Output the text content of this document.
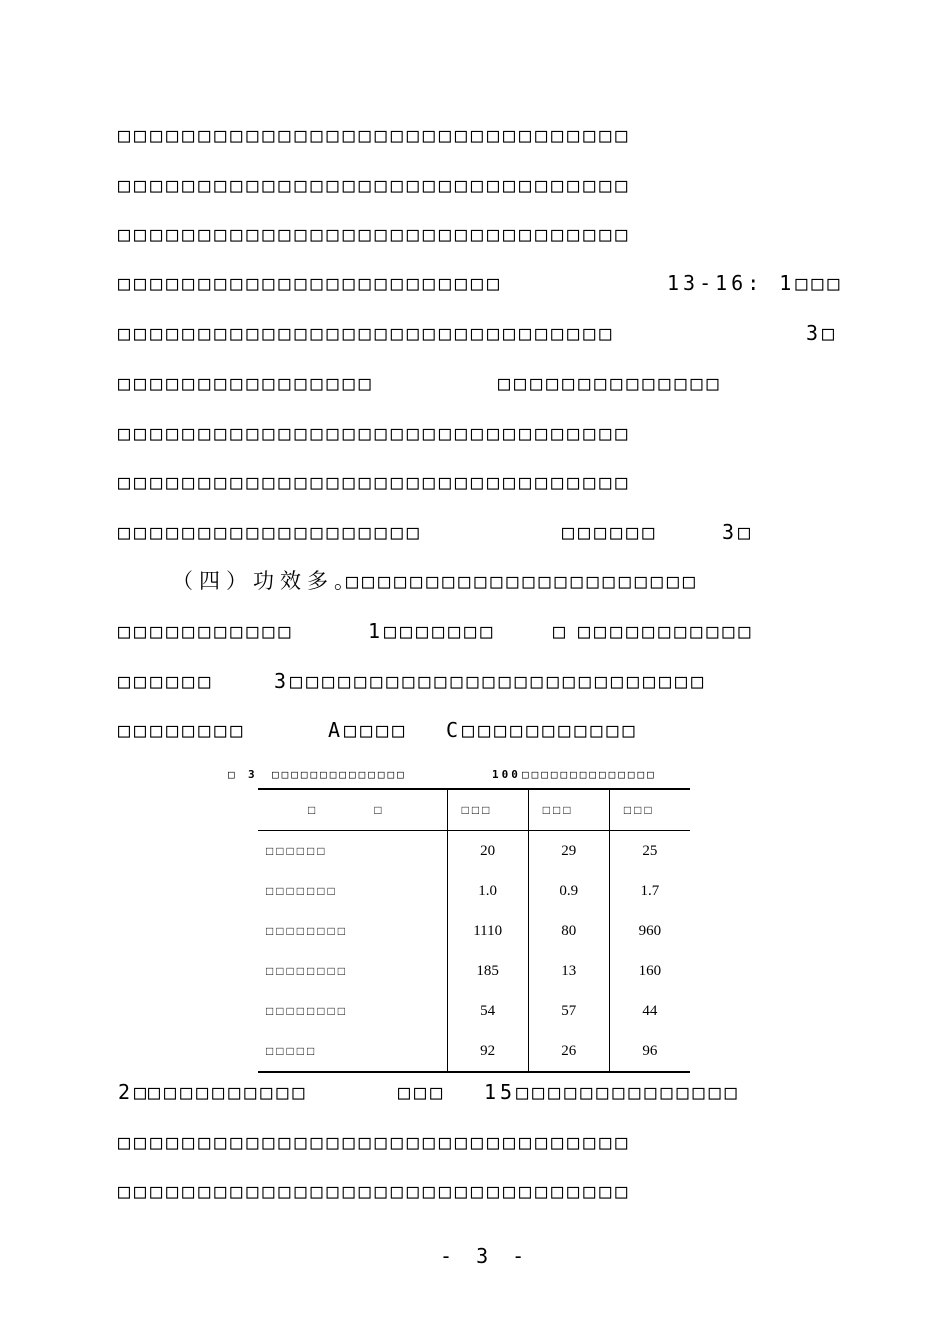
□□□□□□□□□□□□□□□□□□□□□□□□□□□□□□□□
□□□□□□□□□□□□□□□□□□□□□□□□□□□□□□□□
□□□□□□□□□□□□□□□□□□□□□□□□□□□□□□□□
□□□□□□□□□□□□□□□□□□□□□□□□	13-16: 1□□□
□□□□□□□□□□□□□□□□□□□□□□□□□□□□□□□	3□
□□□□□□□□□□□□□□□□	□□□□□□□□□□□□□□
□□□□□□□□□□□□□□□□□□□□□□□□□□□□□□□□
□□□□□□□□□□□□□□□□□□□□□□□□□□□□□□□□
□□□□□□□□□□□□□□□□□□□	□□□□□□	3□
（四）功效多。
□□□□□□□□□□□□□□□□□□□□□□
□□□□□□□□□□□	1□ □□□□□□	□ □□□□□□□□□□□
□□□□□□	3□□□□□□□□□□□□□□□□□□□□□□□□□□
□□□□□□□□	A□□□□ C□□□□□□□□□□□
□ 3 □□□□□□□□□□□□□□	100 □□□□□□□□□□□□□□
□ □	□□□	□□□	□□□
□□□□□□	20	29	25
□□□□□□□	1.0	0.9	1.7
□□□□□□□□	1110	80	960
□□□□□□□□	185	13	160
□□□□□□□□	54	57	44
□□□□□	92	26	96
2□
□□□□□□□□□□	□□□ 15□□□□□□□□□□□□□□
□□□□□□□□□□□□□□□□□□□□□□□□□□□□□□□□
□□□□□□□□□□□□□□□□□□□□□□□□□□□□□□□□
- 3 -
